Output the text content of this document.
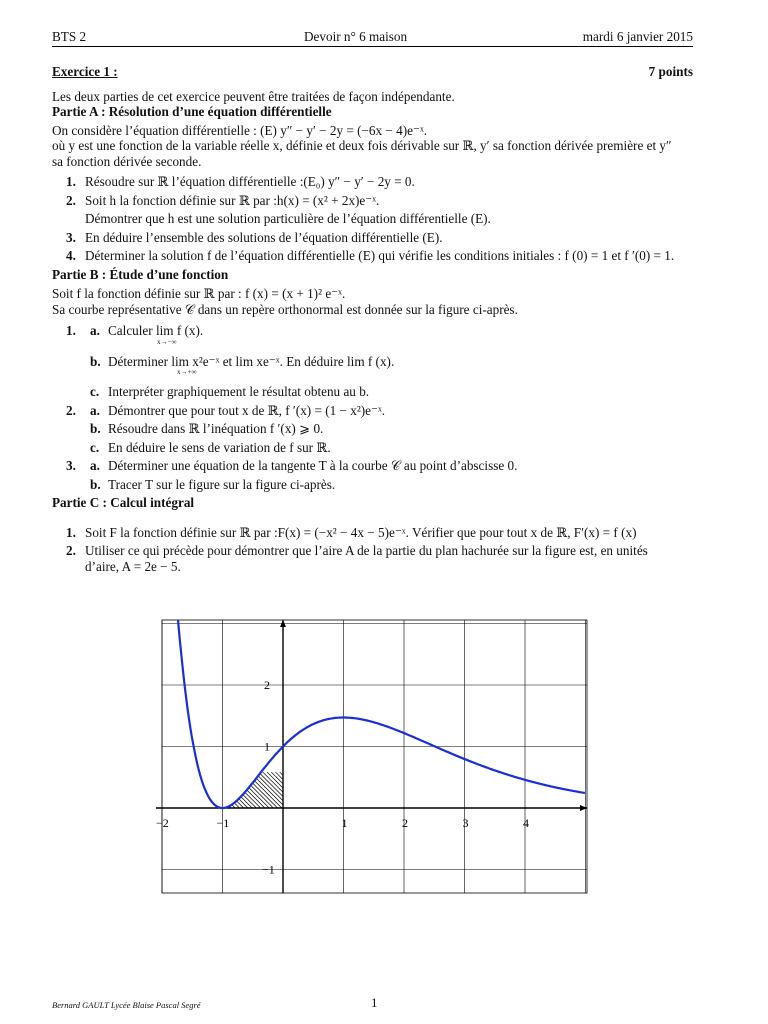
BTS 2	Devoir n° 6 maison	mardi 6 janvier 2015
Exercice 1 :	7 points

Les deux parties de cet exercice peuvent être traitées de façon indépendante.

Partie A : Résolution d’une équation différentielle

On considère l’équation différentielle : (E) y″ − y′ − 2y = (−6x − 4)e⁻ˣ.

où y est une fonction de la variable réelle x, définie et deux fois dérivable sur ℝ, y′ sa fonction dérivée première et y″

sa fonction dérivée seconde.

1. Résoudre sur ℝ l’équation différentielle :(E₀) y″ − y′ − 2y = 0.
2. Soit h la fonction définie sur ℝ par :h(x) = (x² + 2x)e⁻ˣ.
Démontrer que h est une solution particulière de l’équation différentielle (E).
3. En déduire l’ensemble des solutions de l’équation différentielle (E).
4. Déterminer la solution f de l’équation différentielle (E) qui vérifie les conditions initiales : f (0) = 1 et f ′(0) = 1.

Partie B : Étude d’une fonction

Soit f la fonction définie sur ℝ par : f (x) = (x + 1)² e⁻ˣ.

Sa courbe représentative 𝒞 dans un repère orthonormal est donnée sur la figure ci-après.

1. a. Calculer lim f (x).
x→−∞
b. Déterminer lim x²e⁻ˣ et lim xe⁻ˣ. En déduire lim f (x).
x→+∞
c. Interpréter graphiquement le résultat obtenu au b.
2. a. Démontrer que pour tout x de ℝ, f ′(x) = (1 − x²)e⁻ˣ.
b. Résoudre dans ℝ l’inéquation f ′(x) ⩾ 0.
c. En déduire le sens de variation de f sur ℝ.
3. a. Déterminer une équation de la tangente T à la courbe 𝒞 au point d’abscisse 0.
b. Tracer T sur le figure sur la figure ci-après.

Partie C : Calcul intégral

1. Soit F la fonction définie sur ℝ par :F(x) = (−x² − 4x − 5)e⁻ˣ. Vérifier que pour tout x de ℝ, F′(x) = f (x)
2. Utiliser ce qui précède pour démontrer que l’aire A de la partie du plan hachurée sur la figure est, en unités
d’aire, A = 2e − 5.
−2	−1	1	2	3	4
2
1
−1
Bernard GAULT Lycée Blaise Pascal Segré	1
